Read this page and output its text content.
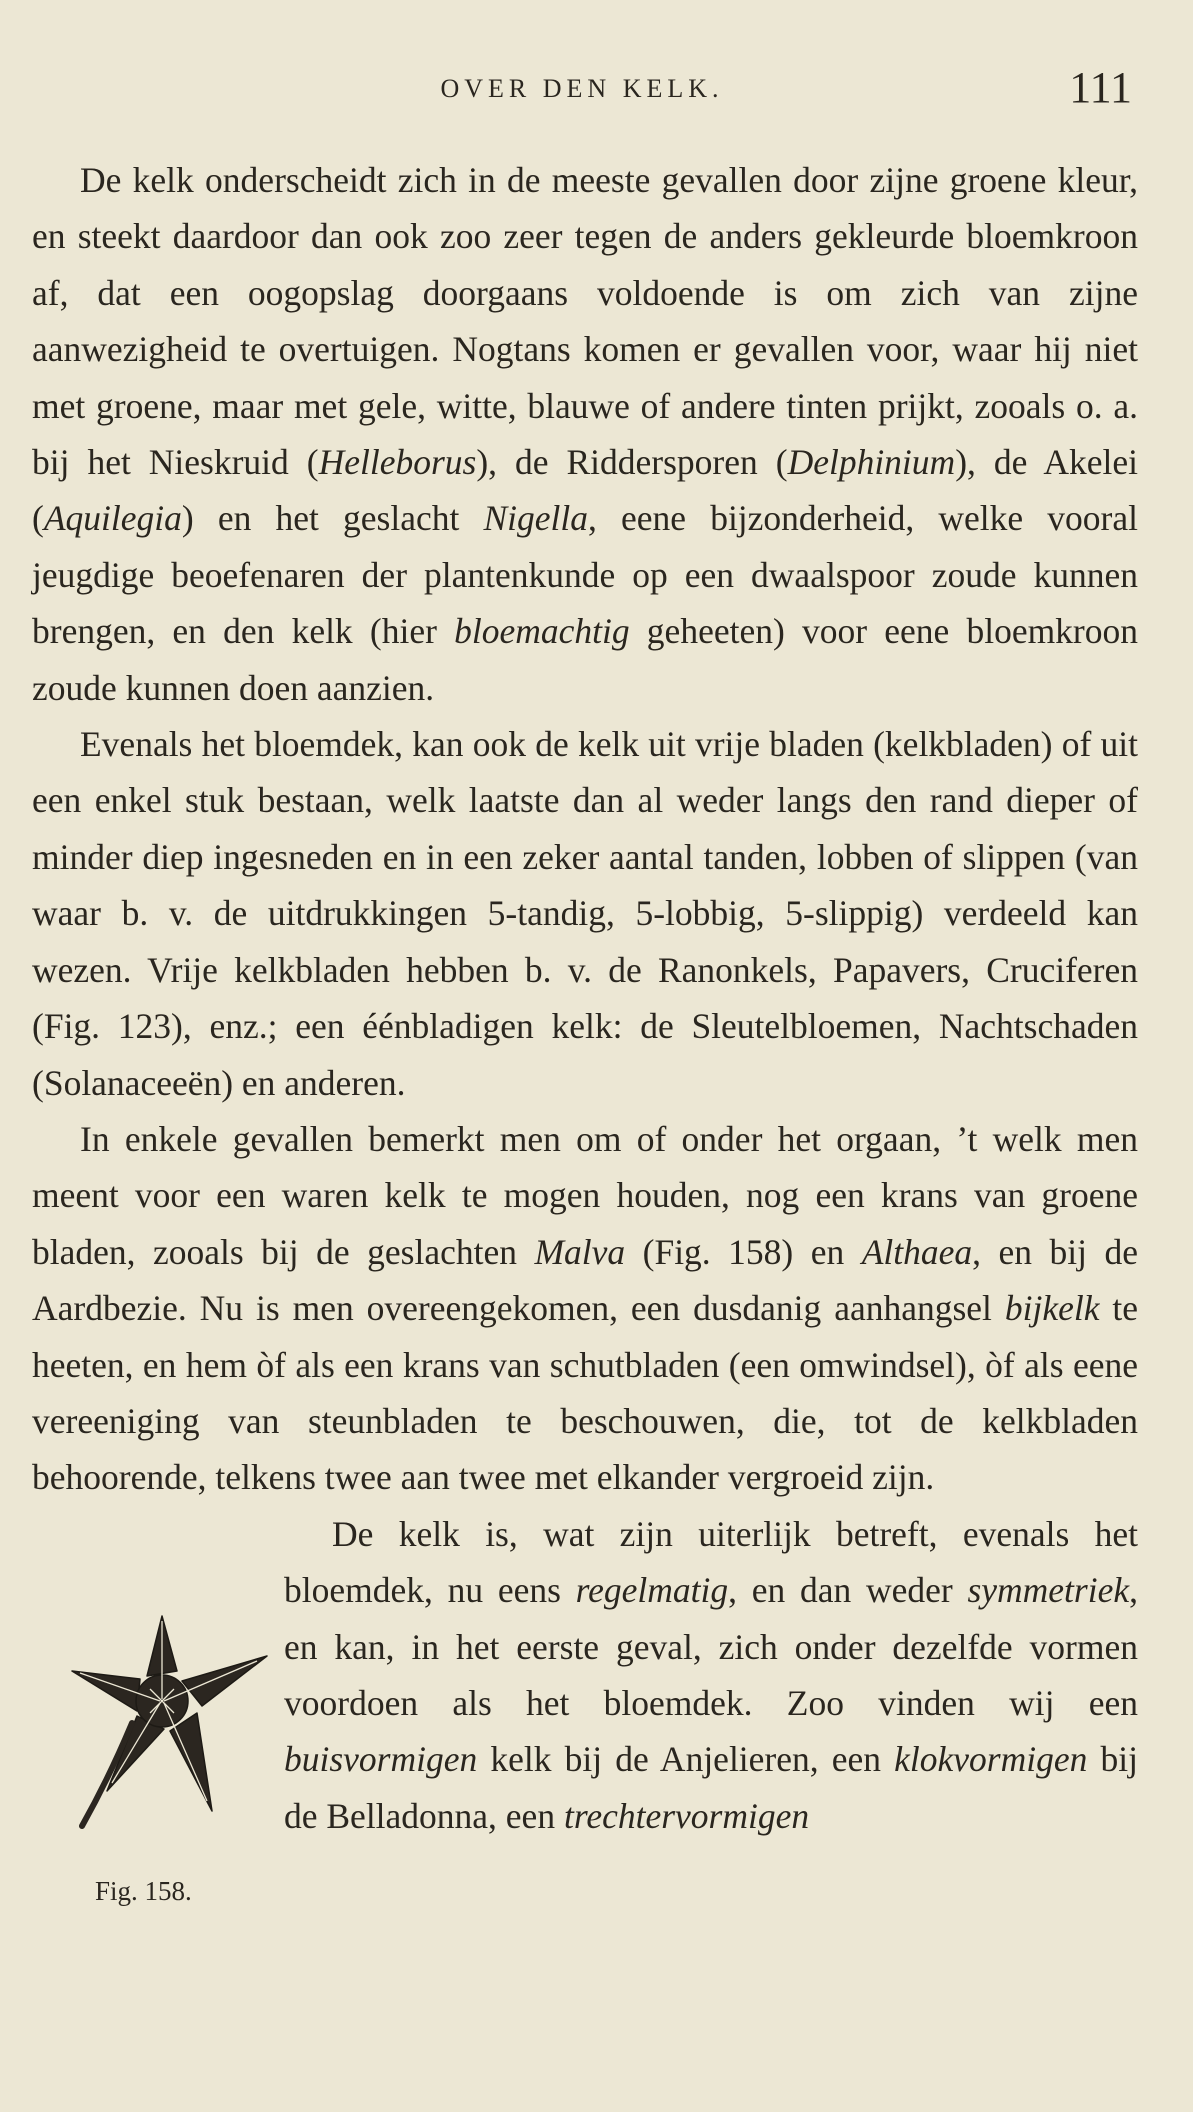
OVER DEN KELK.	111

De kelk onderscheidt zich in de meeste gevallen door zijne groene kleur, en steekt daardoor dan ook zoo zeer tegen de anders gekleurde bloemkroon af, dat een oogopslag doorgaans voldoende is om zich van zijne aanwezigheid te overtuigen. Nogtans komen er gevallen voor, waar hij niet met groene, maar met gele, witte, blauwe of andere tinten prijkt, zooals o. a. bij het Nieskruid (Helleborus), de Riddersporen (Delphinium), de Akelei (Aquilegia) en het geslacht Nigella, eene bijzonderheid, welke vooral jeugdige beoefenaren der plantenkunde op een dwaalspoor zoude kunnen brengen, en den kelk (hier bloemachtig geheeten) voor eene bloemkroon zoude kunnen doen aanzien.

Evenals het bloemdek, kan ook de kelk uit vrije bladen (kelkbladen) of uit een enkel stuk bestaan, welk laatste dan al weder langs den rand dieper of minder diep ingesneden en in een zeker aantal tanden, lobben of slippen (van waar b. v. de uitdrukkingen 5-tandig, 5-lobbig, 5-slippig) verdeeld kan wezen. Vrije kelkbladen hebben b. v. de Ranonkels, Papavers, Cruciferen (Fig. 123), enz.; een éénbladigen kelk: de Sleutelbloemen, Nachtschaden (Solanaceeën) en anderen.

In enkele gevallen bemerkt men om of onder het orgaan, ’t welk men meent voor een waren kelk te mogen houden, nog een krans van groene bladen, zooals bij de geslachten Malva (Fig. 158) en Althaea, en bij de Aardbezie. Nu is men overeengekomen, een dusdanig aanhangsel bijkelk te heeten, en hem òf als een krans van schutbladen (een omwindsel), òf als eene vereeniging van steunbladen te beschouwen, die, tot de kelkbladen behoorende, telkens twee aan twee met elkander vergroeid zijn.

Fig. 158.

De kelk is, wat zijn uiterlijk betreft, evenals het bloemdek, nu eens regelmatig, en dan weder symmetriek, en kan, in het eerste geval, zich onder dezelfde vormen voordoen als het bloemdek. Zoo vinden wij een buisvormigen kelk bij de Anjelieren, een klokvormigen bij de Belladonna, een trechtervormigen
